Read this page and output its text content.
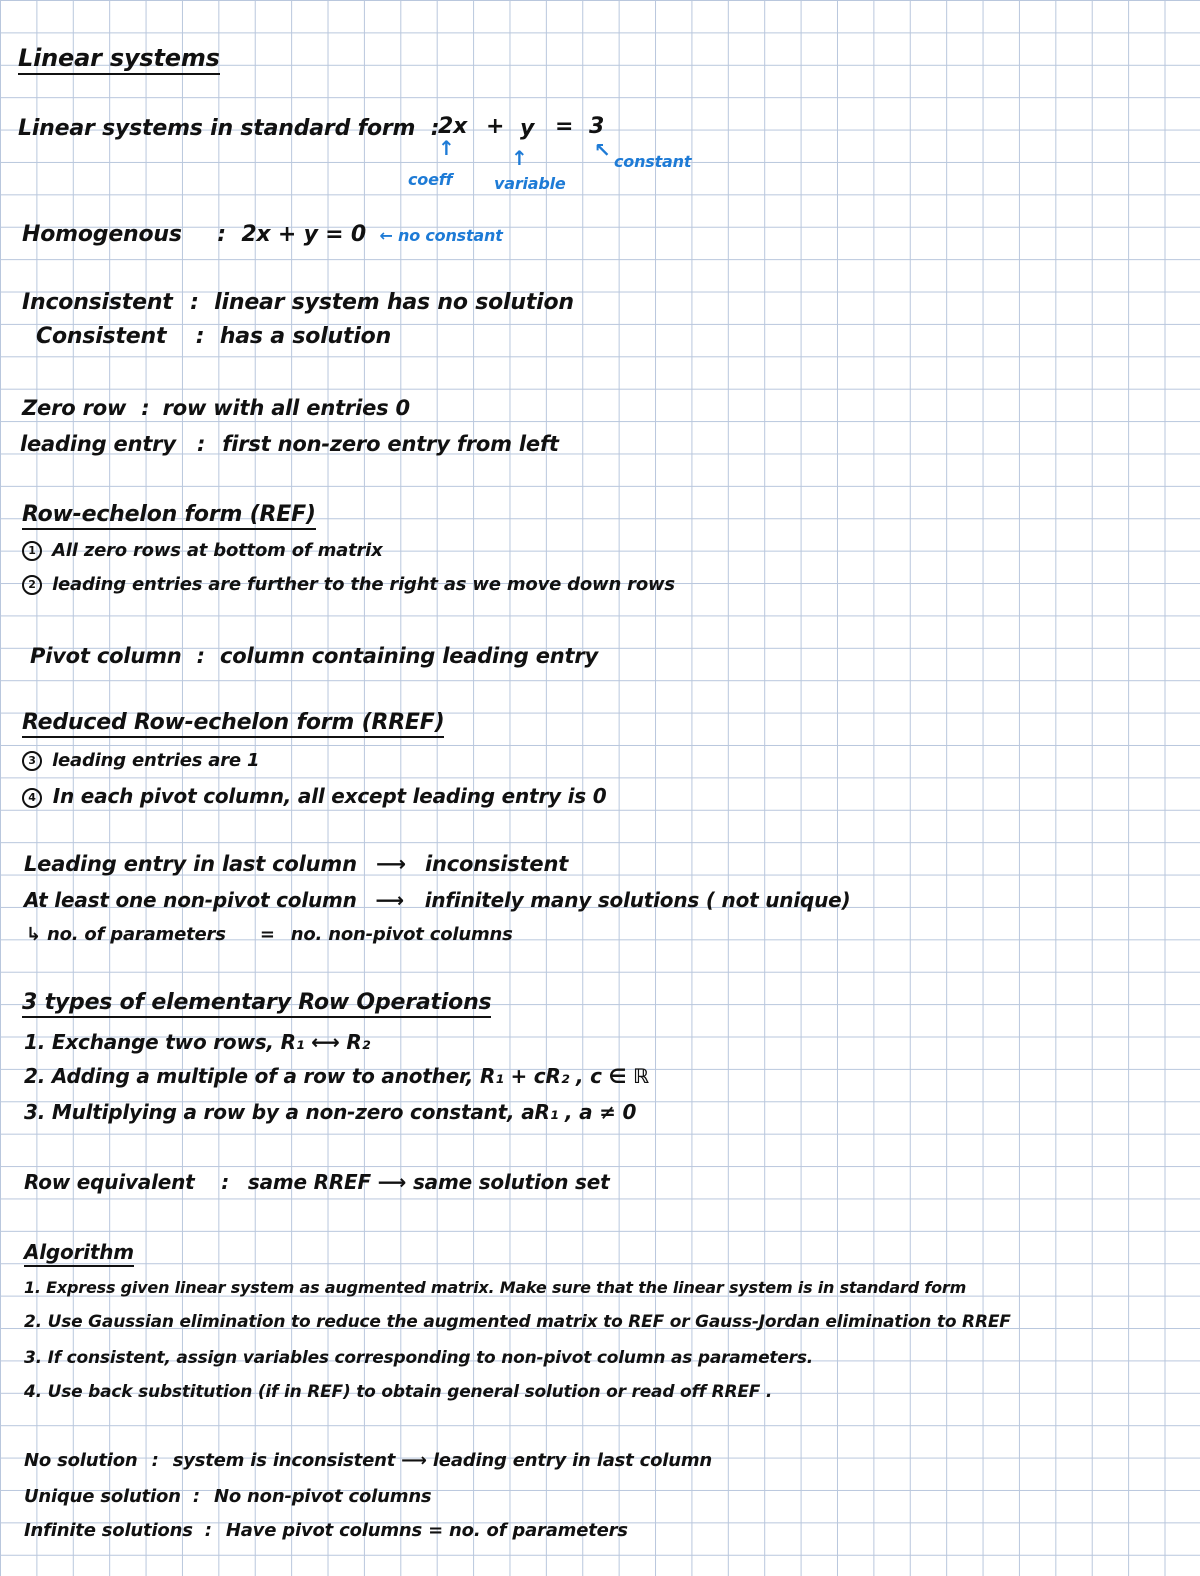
Linear systems
Linear systems in standard form :
2x + y = 3
↑	↑	↖
coeff	variable
constant
Homogenous : 2x + y = 0 ← no constant
Inconsistent : linear system has no solution
Consistent : has a solution
Zero row : row with all entries 0
leading entry : first non-zero entry from left
Row-echelon form (REF)
1 All zero rows at bottom of matrix
2 leading entries are further to the right as we move down rows
Pivot column : column containing leading entry
Reduced Row-echelon form (RREF)
3 leading entries are 1
4 In each pivot column, all except leading entry is 0
Leading entry in last column ⟶ inconsistent
At least one non-pivot column ⟶ infinitely many solutions ( not unique)
↳ no. of parameters = no. non-pivot columns
3 types of elementary Row Operations
1. Exchange two rows, R₁ ⟷ R₂
2. Adding a multiple of a row to another, R₁ + cR₂ , c ∈ ℝ
3. Multiplying a row by a non-zero constant, aR₁ , a ≠ 0
Row equivalent : same RREF ⟶ same solution set
Algorithm
1. Express given linear system as augmented matrix. Make sure that the linear system is in standard form
2. Use Gaussian elimination to reduce the augmented matrix to REF or Gauss-Jordan elimination to RREF
3. If consistent, assign variables corresponding to non-pivot column as parameters.
4. Use back substitution (if in REF) to obtain general solution or read off RREF .
No solution : system is inconsistent ⟶ leading entry in last column
Unique solution : No non-pivot columns
Infinite solutions : Have pivot columns = no. of parameters
